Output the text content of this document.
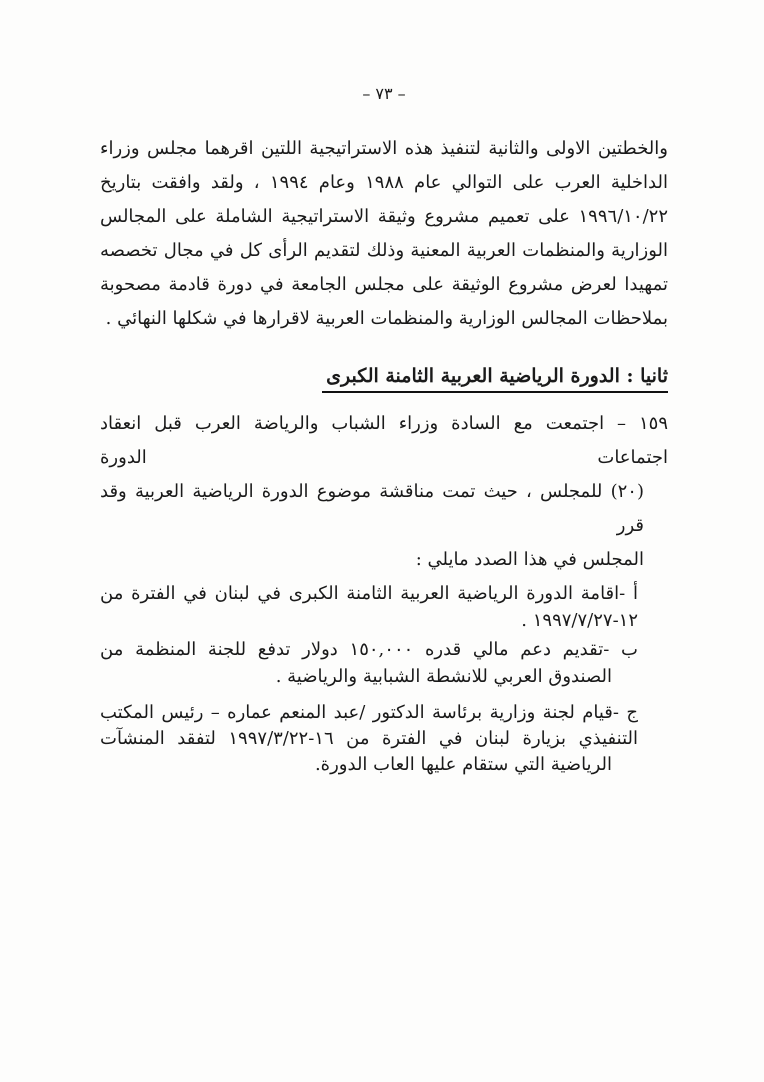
– ٧٣ –
والخطتين الاولى والثانية لتنفيذ هذه الاستراتيجية اللتين اقرهما مجلس وزراء
الداخلية العرب على التوالي عام ١٩٨٨ وعام ١٩٩٤ ، ولقد وافقت بتاريخ
١٩٩٦/١٠/٢٢ على تعميم مشروع وثيقة الاستراتيجية الشاملة على المجالس
الوزارية والمنظمات العربية المعنية وذلك لتقديم الرأى كل في مجال تخصصه
تمهيدا لعرض مشروع الوثيقة على مجلس الجامعة في دورة قادمة مصحوبة
بملاحظات المجالس الوزارية والمنظمات العربية لاقرارها في شكلها النهائي .
ثانيا : الدورة الرياضية العربية الثامنة الكبرى
١٥٩ – اجتمعت مع السادة وزراء الشباب والرياضة العرب قبل انعقاد اجتماعات الدورة
(٢٠) للمجلس ، حيث تمت مناقشة موضوع الدورة الرياضية العربية وقد قرر
المجلس في هذا الصدد مايلي :
أ -اقامة الدورة الرياضية العربية الثامنة الكبرى في لبنان في الفترة من
١٢-١٩٩٧/٧/٢٧ .
ب -تقديم دعم مالي قدره ١٥٠,٠٠٠ دولار تدفع للجنة المنظمة من
الصندوق العربي للانشطة الشبابية والرياضية .
ج -قيام لجنة وزارية برئاسة الدكتور /عبد المنعم عماره – رئيس المكتب
التنفيذي بزيارة لبنان في الفترة من ١٦-١٩٩٧/٣/٢٢ لتفقد المنشآت
الرياضية التي ستقام عليها العاب الدورة.
